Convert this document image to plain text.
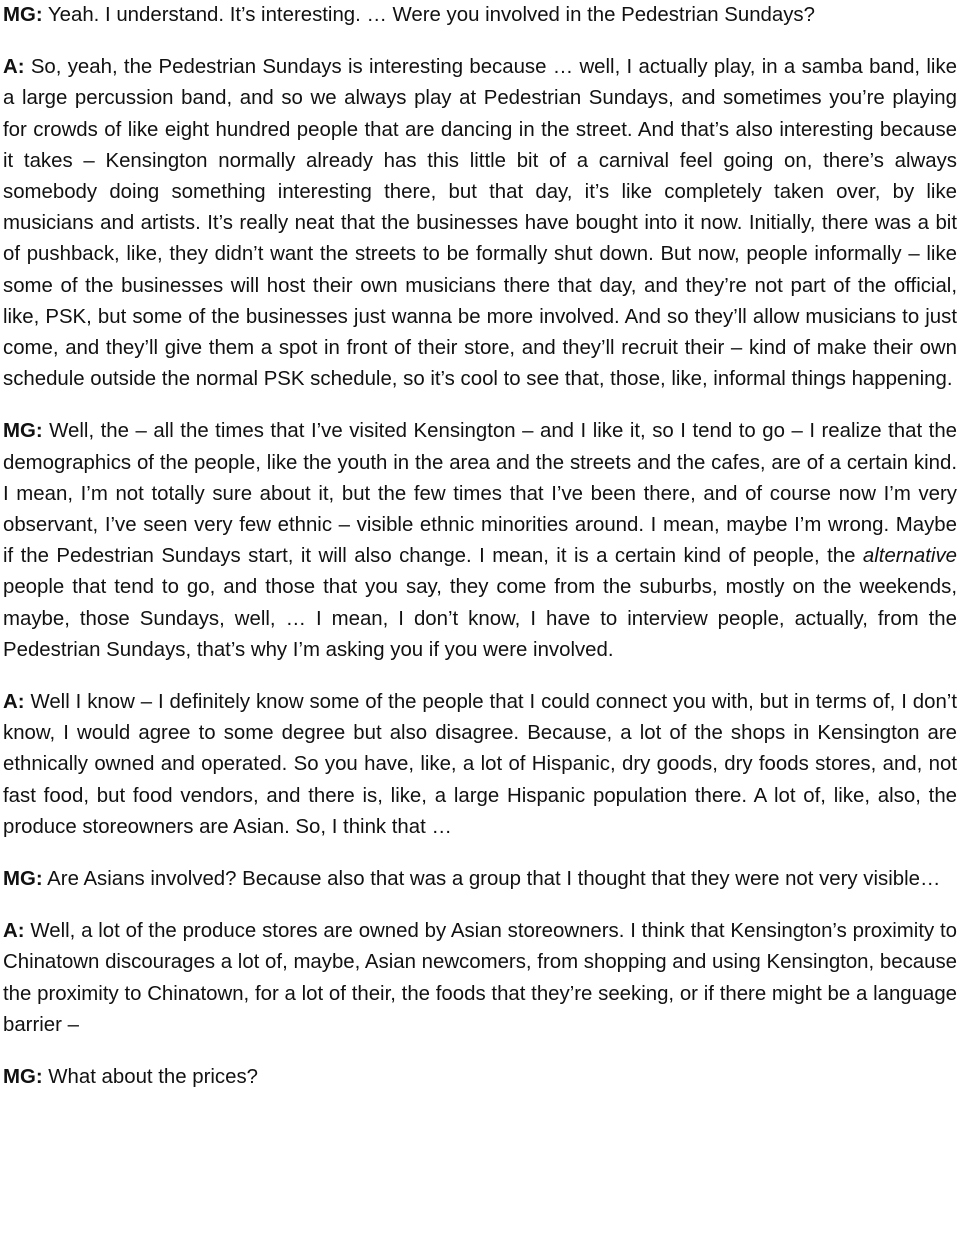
MG: Yeah. I understand. It’s interesting. … Were you involved in the Pedestrian Sundays?

A: So, yeah, the Pedestrian Sundays is interesting because … well, I actually play, in a samba band, like a large percussion band, and so we always play at Pedestrian Sundays, and sometimes you’re playing for crowds of like eight hundred people that are dancing in the street. And that’s also interesting because it takes – Kensington normally already has this little bit of a carnival feel going on, there’s always somebody doing something interesting there, but that day, it’s like completely taken over, by like musicians and artists. It’s really neat that the businesses have bought into it now. Initially, there was a bit of pushback, like, they didn’t want the streets to be formally shut down. But now, people informally – like some of the businesses will host their own musicians there that day, and they’re not part of the official, like, PSK, but some of the businesses just wanna be more involved. And so they’ll allow musicians to just come, and they’ll give them a spot in front of their store, and they’ll recruit their – kind of make their own schedule outside the normal PSK schedule, so it’s cool to see that, those, like, informal things happening.

MG: Well, the – all the times that I’ve visited Kensington – and I like it, so I tend to go – I realize that the demographics of the people, like the youth in the area and the streets and the cafes, are of a certain kind. I mean, I’m not totally sure about it, but the few times that I’ve been there, and of course now I’m very observant, I’ve seen very few ethnic – visible ethnic minorities around. I mean, maybe I’m wrong. Maybe if the Pedestrian Sundays start, it will also change. I mean, it is a certain kind of people, the alternative people that tend to go, and those that you say, they come from the suburbs, mostly on the weekends, maybe, those Sundays, well, … I mean, I don’t know, I have to interview people, actually, from the Pedestrian Sundays, that’s why I’m asking you if you were involved.

A: Well I know – I definitely know some of the people that I could connect you with, but in terms of, I don’t know, I would agree to some degree but also disagree. Because, a lot of the shops in Kensington are ethnically owned and operated. So you have, like, a lot of Hispanic, dry goods, dry foods stores, and, not fast food, but food vendors, and there is, like, a large Hispanic population there. A lot of, like, also, the produce storeowners are Asian. So, I think that …

MG: Are Asians involved? Because also that was a group that I thought that they were not very visible…

A: Well, a lot of the produce stores are owned by Asian storeowners. I think that Kensington’s proximity to Chinatown discourages a lot of, maybe, Asian newcomers, from shopping and using Kensington, because the proximity to Chinatown, for a lot of their, the foods that they’re seeking, or if there might be a language barrier –

MG: What about the prices?
